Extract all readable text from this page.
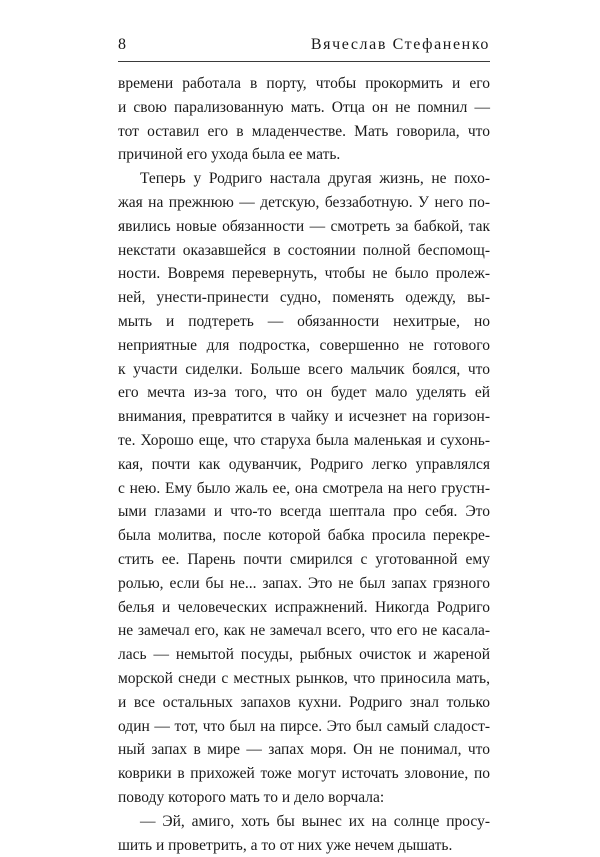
8	Вячеслав Стефаненко
времени работала в порту, чтобы прокормить и его
и свою парализованную мать. Отца он не помнил —
тот оставил его в младенчестве. Мать говорила, что
причиной его ухода была ее мать.
Теперь у Родриго настала другая жизнь, не похо-
жая на прежнюю — детскую, беззаботную. У него по-
явились новые обязанности — смотреть за бабкой, так
некстати оказавшейся в состоянии полной беспомощ-
ности. Вовремя перевернуть, чтобы не было пролеж-
ней, унести-принести судно, поменять одежду, вы-
мыть и подтереть — обязанности нехитрые, но
неприятные для подростка, совершенно не готового
к участи сиделки. Больше всего мальчик боялся, что
его мечта из-за того, что он будет мало уделять ей
внимания, превратится в чайку и исчезнет на горизон-
те. Хорошо еще, что старуха была маленькая и сухонь-
кая, почти как одуванчик, Родриго легко управлялся
с нею. Ему было жаль ее, она смотрела на него грустн-
ыми глазами и что-то всегда шептала про себя. Это
была молитва, после которой бабка просила перекре-
стить ее. Парень почти смирился с уготованной ему
ролью, если бы не... запах. Это не был запах грязного
белья и человеческих испражнений. Никогда Родриго
не замечал его, как не замечал всего, что его не касала-
лась — немытой посуды, рыбных очисток и жареной
морской снеди с местных рынков, что приносила мать,
и все остальных запахов кухни. Родриго знал только
один — тот, что был на пирсе. Это был самый сладост-
ный запах в мире — запах моря. Он не понимал, что
коврики в прихожей тоже могут источать зловоние, по
поводу которого мать то и дело ворчала:
— Эй, амиго, хоть бы вынес их на солнце просу-
шить и проветрить, а то от них уже нечем дышать.
